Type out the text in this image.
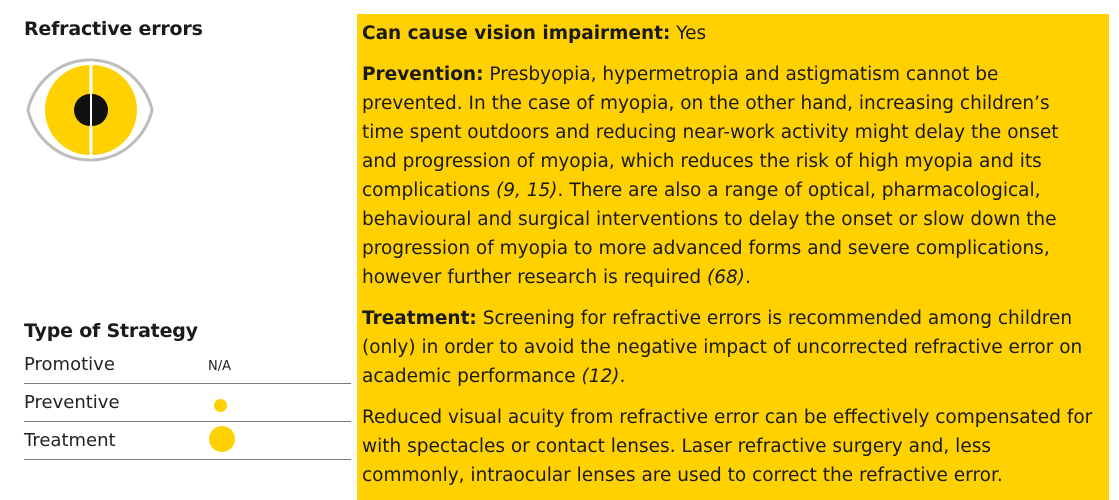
Refractive errors
Type of Strategy
Promotive	N/A
Preventive
Treatment

Can cause vision impairment: Yes

Prevention: Presbyopia, hypermetropia and astigmatism cannot be prevented. In the case of myopia, on the other hand, increasing children’s time spent outdoors and reducing near-work activity might delay the onset and progression of myopia, which reduces the risk of high myopia and its complications (9, 15). There are also a range of optical, pharmacological, behavioural and surgical interventions to delay the onset or slow down the progression of myopia to more advanced forms and severe complications, however further research is required (68).

Treatment: Screening for refractive errors is recommended among children (only) in order to avoid the negative impact of uncorrected refractive error on academic performance (12).

Reduced visual acuity from refractive error can be effectively compensated for with spectacles or contact lenses. Laser refractive surgery and, less commonly, intraocular lenses are used to correct the refractive error.
